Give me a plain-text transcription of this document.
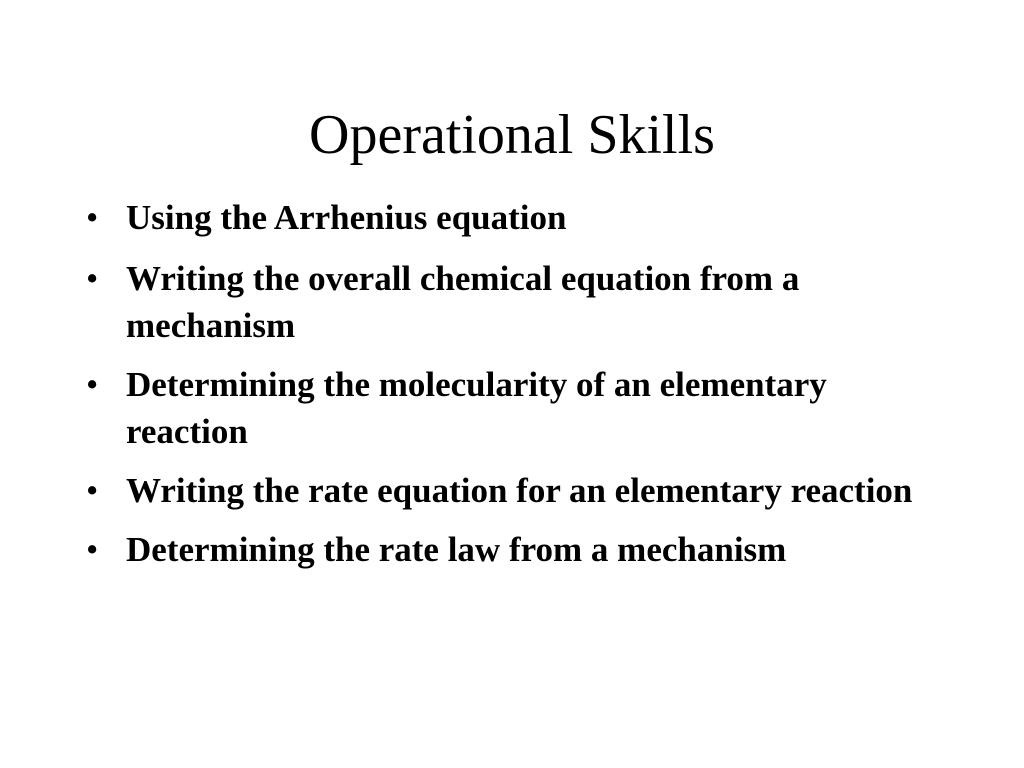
Operational Skills
• Using the Arrhenius equation
• Writing the overall chemical equation from a mechanism
• Determining the molecularity of an elementary reaction
• Writing the rate equation for an elementary reaction
• Determining the rate law from a mechanism
